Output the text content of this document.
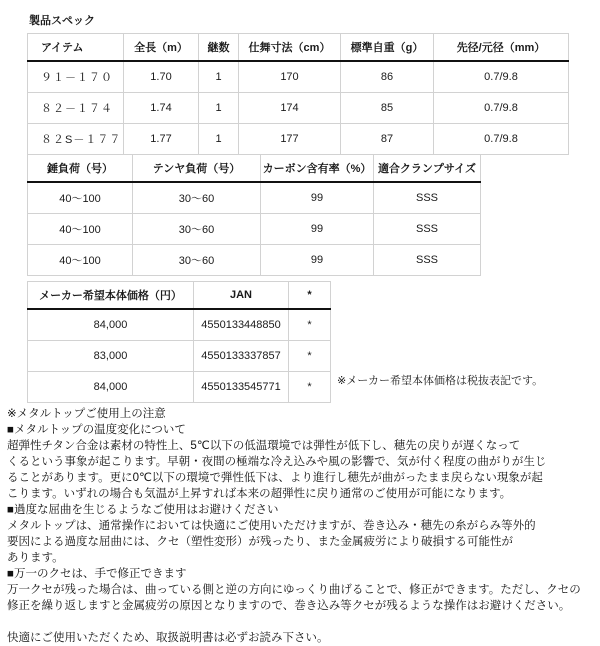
製品スペック
アイテム	全長（m）	継数	仕舞寸法（cm）	標準自重（g）	先径/元径（mm）
９１－１７０	1.70	1	170	86	0.7/9.8
８２－１７４	1.74	1	174	85	0.7/9.8
８２S－１７７	1.77	1	177	87	0.7/9.8
錘負荷（号）	テンヤ負荷（号）	カーボン含有率（%）	適合クランプサイズ
40〜100	30〜60	99	SSS
40〜100	30〜60	99	SSS
40〜100	30〜60	99	SSS
メーカー希望本体価格（円）	JAN	*
84,000	4550133448850	*
83,000	4550133337857	*
84,000	4550133545771	* ※メーカー希望本体価格は税抜表記です。

※メタルトップご使用上の注意

■メタルトップの温度変化について

超弾性チタン合金は素材の特性上、5℃以下の低温環境では弾性が低下し、穂先の戻りが遅くなって

くるという事象が起こります。早朝・夜間の極端な冷え込みや風の影響で、気が付く程度の曲がりが生じ

ることがあります。更に0℃以下の環境で弾性低下は、より進行し穂先が曲がったまま戻らない現象が起

こります。いずれの場合も気温が上昇すれば本来の超弾性に戻り通常のご使用が可能になります。

■過度な屈曲を生じるようなご使用はお避けください

メタルトップは、通常操作においては快適にご使用いただけますが、巻き込み・穂先の糸がらみ等外的

要因による過度な屈曲には、クセ（塑性変形）が残ったり、また金属疲労により破損する可能性が

あります。

■万一のクセは、手で修正できます

万一クセが残った場合は、曲っている側と逆の方向にゆっくり曲げることで、修正ができます。ただし、クセの

修正を繰り返しますと金属疲労の原因となりますので、巻き込み等クセが残るような操作はお避けください。

快適にご使用いただくため、取扱説明書は必ずお読み下さい。
